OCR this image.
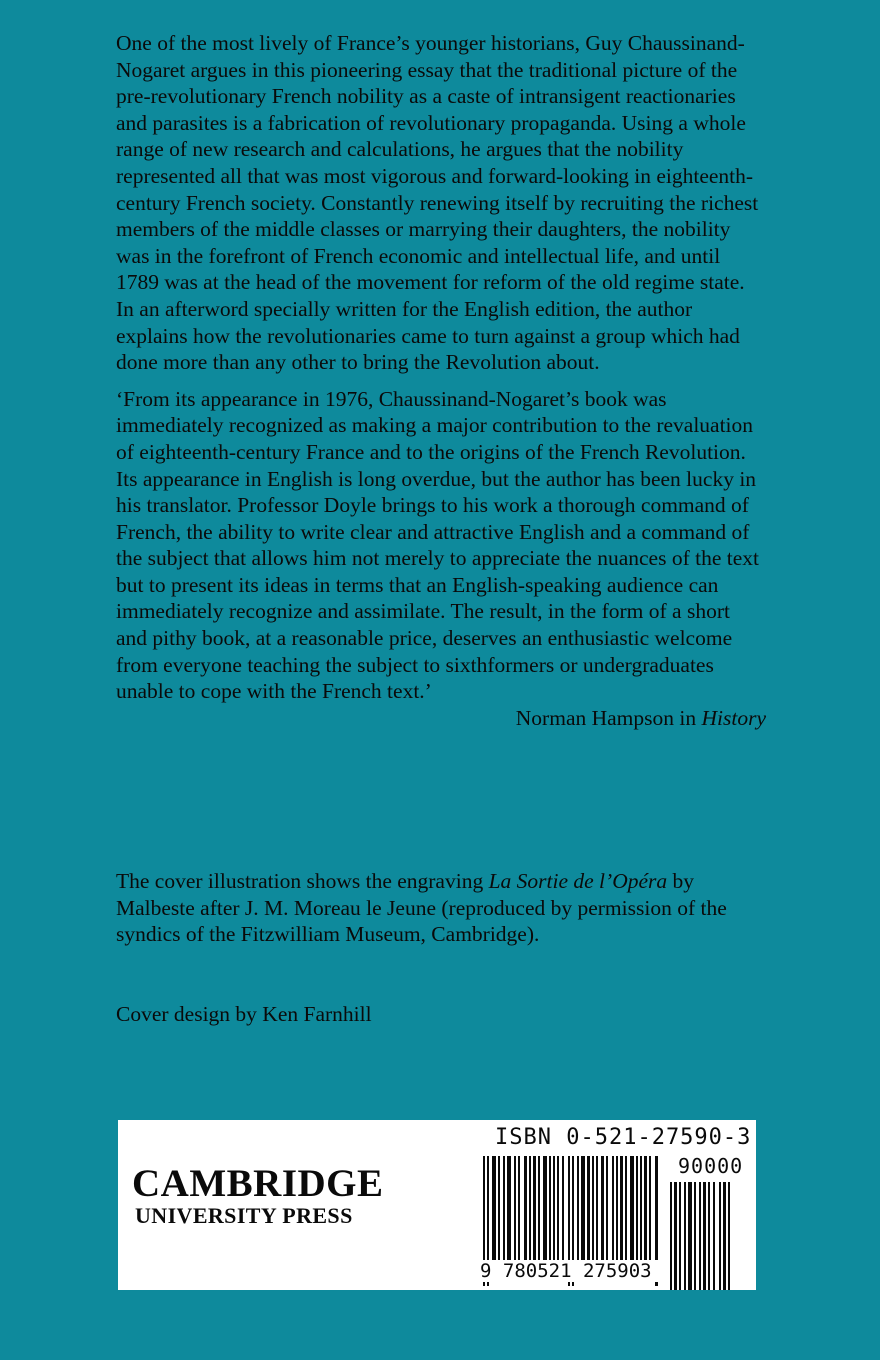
One of the most lively of France’s younger historians, Guy Chaussinand-Nogaret argues in this pioneering essay that the traditional picture of the pre-revolutionary French nobility as a caste of intransigent reactionaries and parasites is a fabrication of revolutionary propaganda. Using a whole range of new research and calculations, he argues that the nobility represented all that was most vigorous and forward-looking in eighteenth-century French society. Constantly renewing itself by recruiting the richest members of the middle classes or marrying their daughters, the nobility was in the forefront of French economic and intellectual life, and until 1789 was at the head of the movement for reform of the old regime state. In an afterword specially written for the English edition, the author explains how the revolutionaries came to turn against a group which had done more than any other to bring the Revolution about.

‘From its appearance in 1976, Chaussinand-Nogaret’s book was immediately recognized as making a major contribution to the revaluation of eighteenth-century France and to the origins of the French Revolution. Its appearance in English is long overdue, but the author has been lucky in his translator. Professor Doyle brings to his work a thorough command of French, the ability to write clear and attractive English and a command of the subject that allows him not merely to appreciate the nuances of the text but to present its ideas in terms that an English-speaking audience can immediately recognize and assimilate. The result, in the form of a short and pithy book, at a reasonable price, deserves an enthusiastic welcome from everyone teaching the subject to sixthformers or undergraduates unable to cope with the French text.’

Norman Hampson in History

The cover illustration shows the engraving La Sortie de l’Opéra by Malbeste after J. M. Moreau le Jeune (reproduced by permission of the syndics of the Fitzwilliam Museum, Cambridge).

Cover design by Ken Farnhill

CAMBRIDGE
UNIVERSITY PRESS
ISBN 0-521-27590-3
90000
9 780521 275903
